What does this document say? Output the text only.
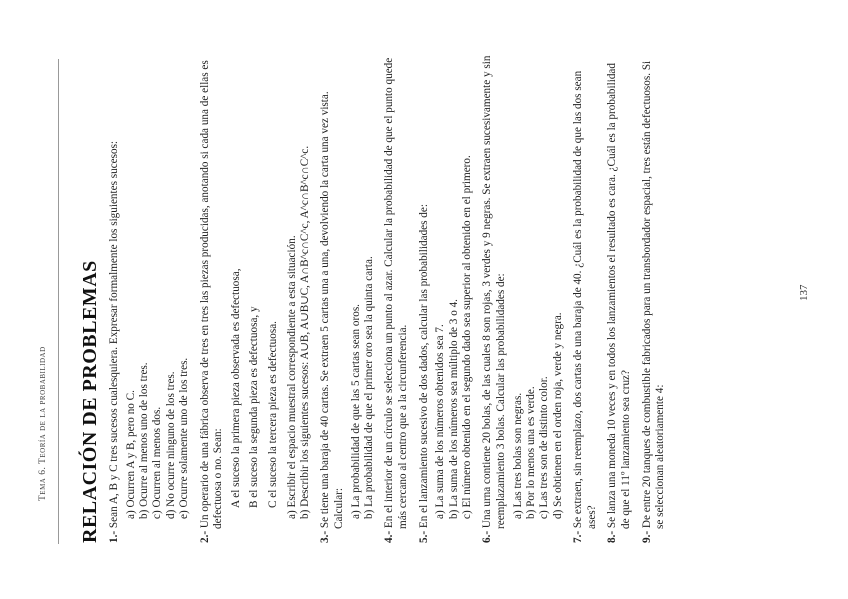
Tema 6. Teoría de la probabilidad RELACIÓN DE PROBLEMAS 1.- Sean A, B y C tres sucesos cualesquiera. Expresar formalmente los siguientes sucesos: a) Ocurren A y B, pero no C. b) Ocurre al menos uno de los tres. c) Ocurren al menos dos. d) No ocurre ninguno de los tres. e) Ocurre solamente uno de los tres.
2.- Un operario de una fábrica observa de tres en tres las piezas producidas, anotando si cada una de ellas es defectuosa o no. Sean: A el suceso la primera pieza observada es defectuosa, B el suceso la segunda pieza es defectuosa, y C el suceso la tercera pieza es defectuosa. a) Escribir el espacio muestral correspondiente a esta situación. b) Describir los siguientes sucesos: A∪B, A∪B∪C, A∩B^c∩C^c, A^c∩B^c∩C^c.
3.- Se tiene una baraja de 40 cartas. Se extraen 5 cartas una a una, devolviendo la carta una vez vista. Calcular: a) La probabilidad de que las 5 cartas sean oros. b) La probabilidad de que el primer oro sea la quinta carta.
4.- En el interior de un círculo se selecciona un punto al azar. Calcular la probabilidad de que el punto quede más cercano al centro que a la circunferencia.
5.- En el lanzamiento sucesivo de dos dados, calcular las probabilidades de: a) La suma de los números obtenidos sea 7. b) La suma de los números sea múltiplo de 3 o 4. c) El número obtenido en el segundo dado sea superior al obtenido en el primero.
6.- Una urna contiene 20 bolas, de las cuales 8 son rojas, 3 verdes y 9 negras. Se extraen sucesivamente y sin reemplazamiento 3 bolas. Calcular las probabilidades de: a) Las tres bolas son negras. b) Por lo menos una es verde. c) Las tres son de distinto color. d) Se obtienen en el orden roja, verde y negra.
7.- Se extraen, sin reemplazo, dos cartas de una baraja de 40. ¿Cuál es la probabilidad de que las dos sean ases?
8.- Se lanza una moneda 10 veces y en todos los lanzamientos el resultado es cara. ¿Cuál es la probabilidad de que el 11º lanzamiento sea cruz?
9.- De entre 20 tanques de combustible fabricados para un transbordador espacial, tres están defectuosos. Si se seleccionan aleatoriamente 4:
137
